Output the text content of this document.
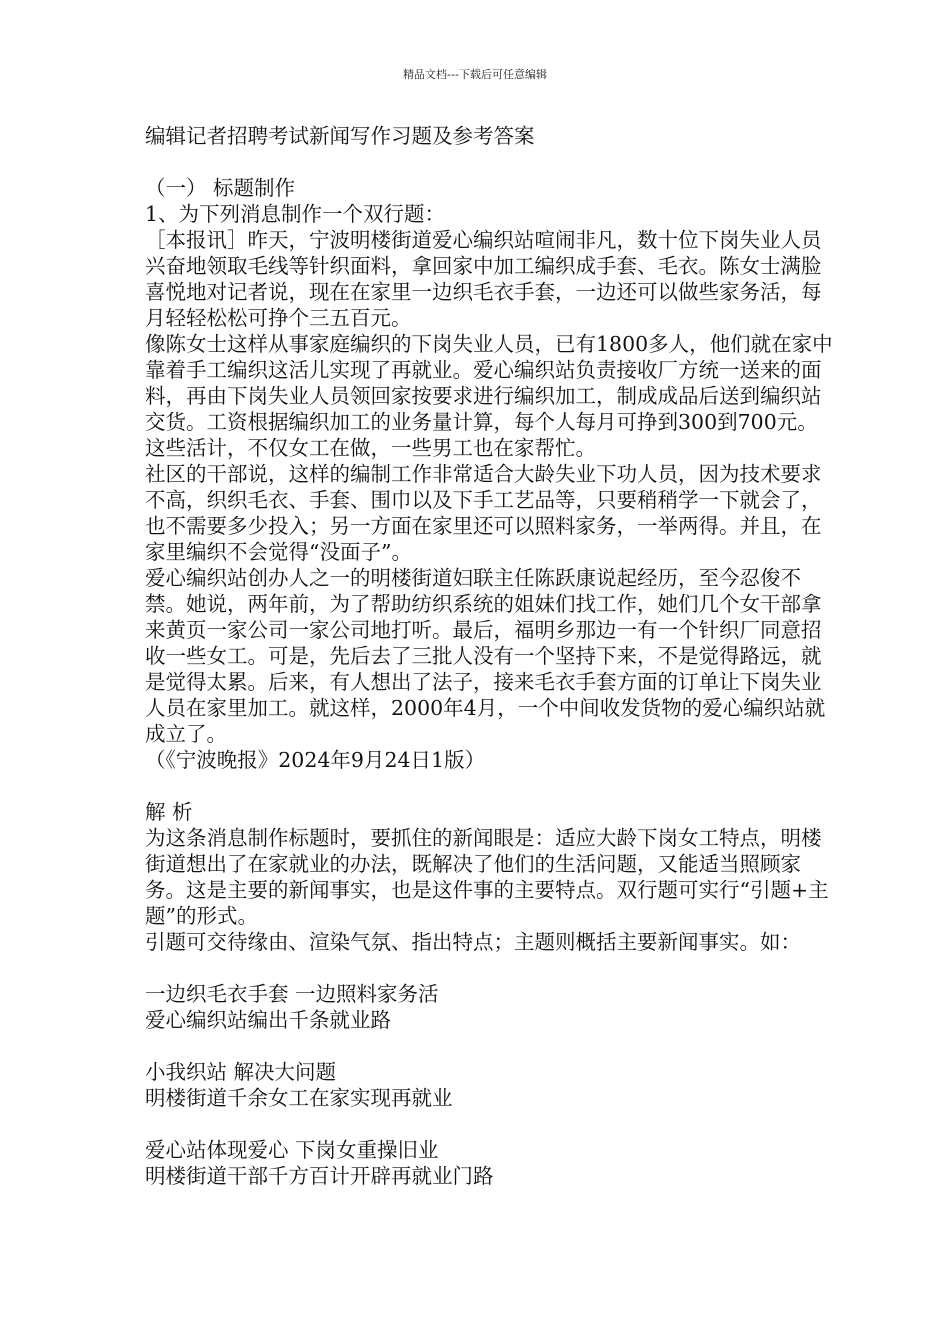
精品文档---下载后可任意编辑

编辑记者招聘考试新闻写作习题及参考答案

（一） 标题制作

1、为下列消息制作一个双行题：

［本报讯］昨天，宁波明楼街道爱心编织站喧闹非凡，数十位下岗失业人员兴奋地领取毛线等针织面料，拿回家中加工编织成手套、毛衣。陈女士满脸喜悦地对记者说，现在在家里一边织毛衣手套，一边还可以做些家务活，每月轻轻松松可挣个三五百元。

像陈女士这样从事家庭编织的下岗失业人员，已有1800多人，他们就在家中靠着手工编织这活儿实现了再就业。爱心编织站负责接收厂方统一送来的面料，再由下岗失业人员领回家按要求进行编织加工，制成成品后送到编织站交货。工资根据编织加工的业务量计算，每个人每月可挣到300到700元。这些活计，不仅女工在做，一些男工也在家帮忙。

社区的干部说，这样的编制工作非常适合大龄失业下功人员，因为技术要求不高，织织毛衣、手套、围巾以及下手工艺品等，只要稍稍学一下就会了，也不需要多少投入；另一方面在家里还可以照料家务，一举两得。并且，在家里编织不会觉得“没面子”。

爱心编织站创办人之一的明楼街道妇联主任陈跃康说起经历，至今忍俊不禁。她说，两年前，为了帮助纺织系统的姐妹们找工作，她们几个女干部拿来黄页一家公司一家公司地打听。最后，福明乡那边一有一个针织厂同意招收一些女工。可是，先后去了三批人没有一个坚持下来，不是觉得路远，就是觉得太累。后来，有人想出了法子，接来毛衣手套方面的订单让下岗失业人员在家里加工。就这样，2000年4月，一个中间收发货物的爱心编织站就成立了。

（《宁波晚报》2024年9月24日1版）

解 析

为这条消息制作标题时，要抓住的新闻眼是：适应大龄下岗女工特点，明楼街道想出了在家就业的办法，既解决了他们的生活问题，又能适当照顾家务。这是主要的新闻事实，也是这件事的主要特点。双行题可实行“引题+主题”的形式。

引题可交待缘由、渲染气氛、指出特点；主题则概括主要新闻事实。如：

一边织毛衣手套 一边照料家务活

爱心编织站编出千条就业路

小我织站 解决大问题

明楼街道千余女工在家实现再就业

爱心站体现爱心 下岗女重操旧业

明楼街道干部千方百计开辟再就业门路
